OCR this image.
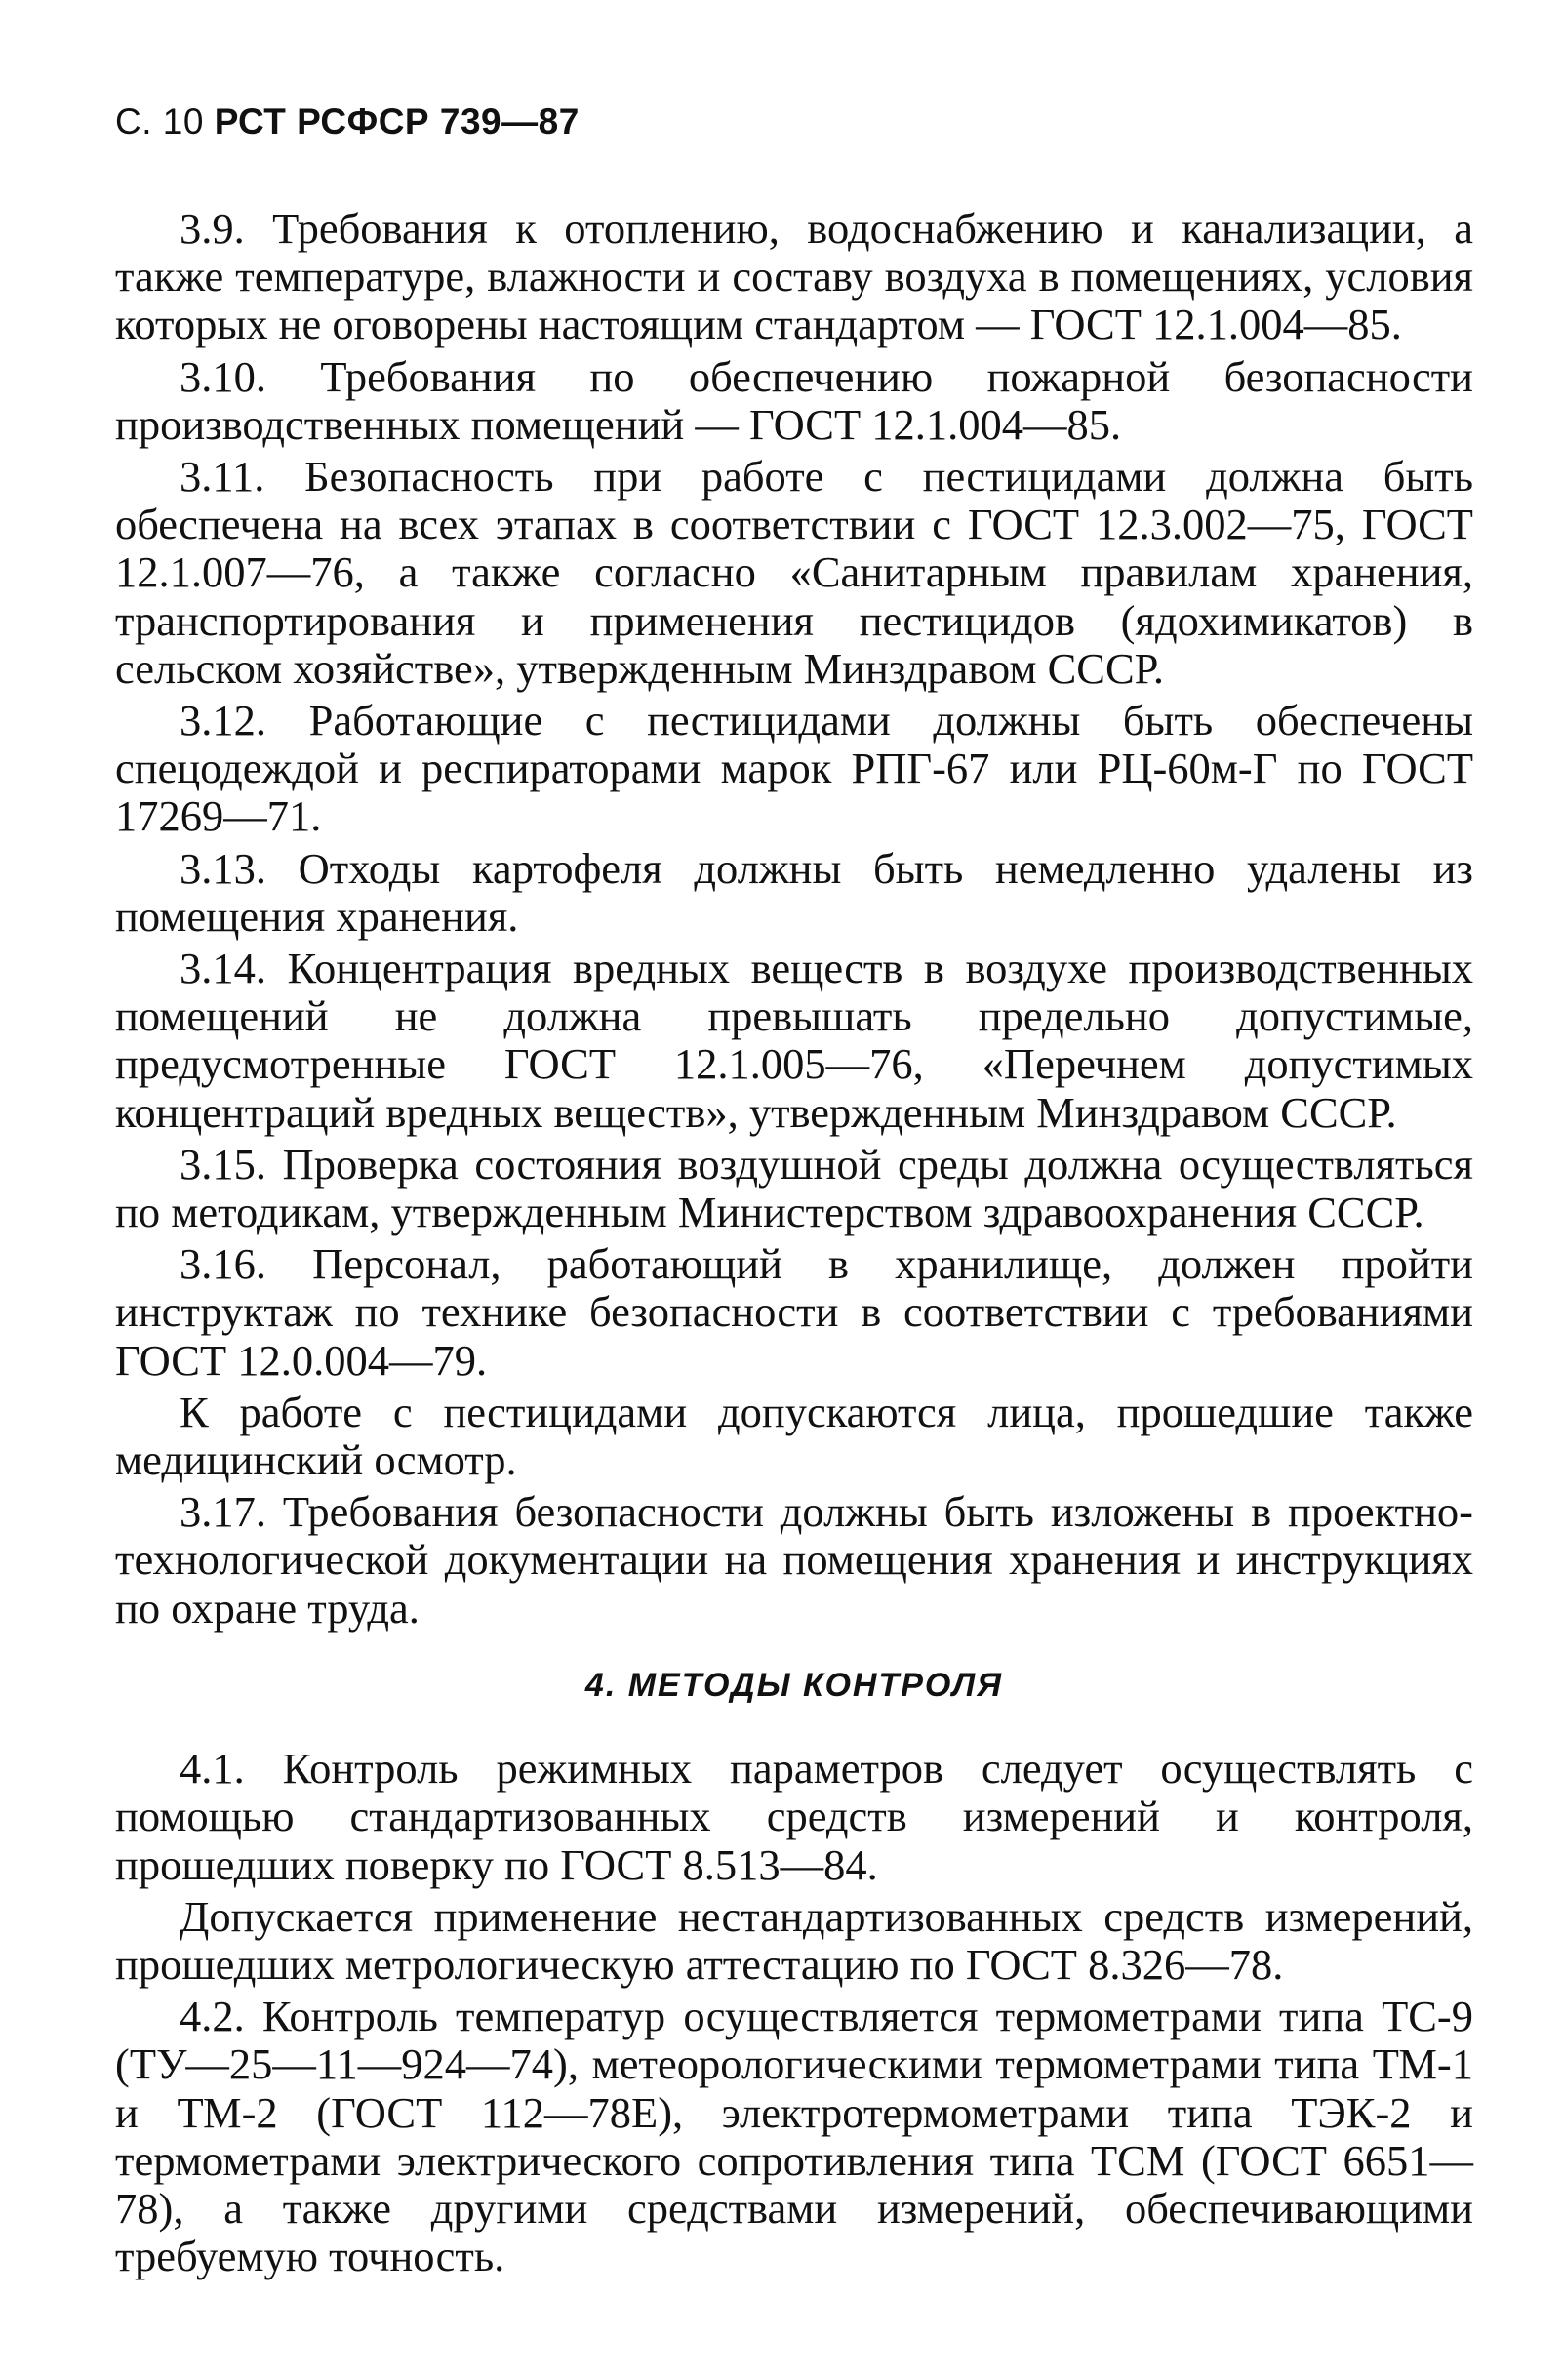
С. 10 РСТ РСФСР 739—87

3.9. Требования к отоплению, водоснабжению и канализации, а также температуре, влажности и составу воздуха в помещениях, условия которых не оговорены настоящим стандартом — ГОСТ 12.1.004—85.

3.10. Требования по обеспечению пожарной безопасности производственных помещений — ГОСТ 12.1.004—85.

3.11. Безопасность при работе с пестицидами должна быть обеспечена на всех этапах в соответствии с ГОСТ 12.3.002—75, ГОСТ 12.1.007—76, а также согласно «Санитарным правилам хранения, транспортирования и применения пестицидов (ядохимикатов) в сельском хозяйстве», утвержденным Минздравом СССР.

3.12. Работающие с пестицидами должны быть обеспечены спецодеждой и респираторами марок РПГ-67 или РЦ-60м-Г по ГОСТ 17269—71.

3.13. Отходы картофеля должны быть немедленно удалены из помещения хранения.

3.14. Концентрация вредных веществ в воздухе производственных помещений не должна превышать предельно допустимые, предусмотренные ГОСТ 12.1.005—76, «Перечнем допустимых концентраций вредных веществ», утвержденным Минздравом СССР.

3.15. Проверка состояния воздушной среды должна осуществляться по методикам, утвержденным Министерством здравоохранения СССР.

3.16. Персонал, работающий в хранилище, должен пройти инструктаж по технике безопасности в соответствии с требованиями ГОСТ 12.0.004—79.

К работе с пестицидами допускаются лица, прошедшие также медицинский осмотр.

3.17. Требования безопасности должны быть изложены в проектно-технологической документации на помещения хранения и инструкциях по охране труда.

4. МЕТОДЫ КОНТРОЛЯ

4.1. Контроль режимных параметров следует осуществлять с помощью стандартизованных средств измерений и контроля, прошедших поверку по ГОСТ 8.513—84.

Допускается применение нестандартизованных средств измерений, прошедших метрологическую аттестацию по ГОСТ 8.326—78.

4.2. Контроль температур осуществляется термометрами типа ТС-9 (ТУ—25—11—924—74), метеорологическими термометрами типа ТМ-1 и ТМ-2 (ГОСТ 112—78Е), электротермометрами типа ТЭК-2 и термометрами электрического сопротивления типа ТСМ (ГОСТ 6651—78), а также другими средствами измерений, обеспечивающими требуемую точность.
